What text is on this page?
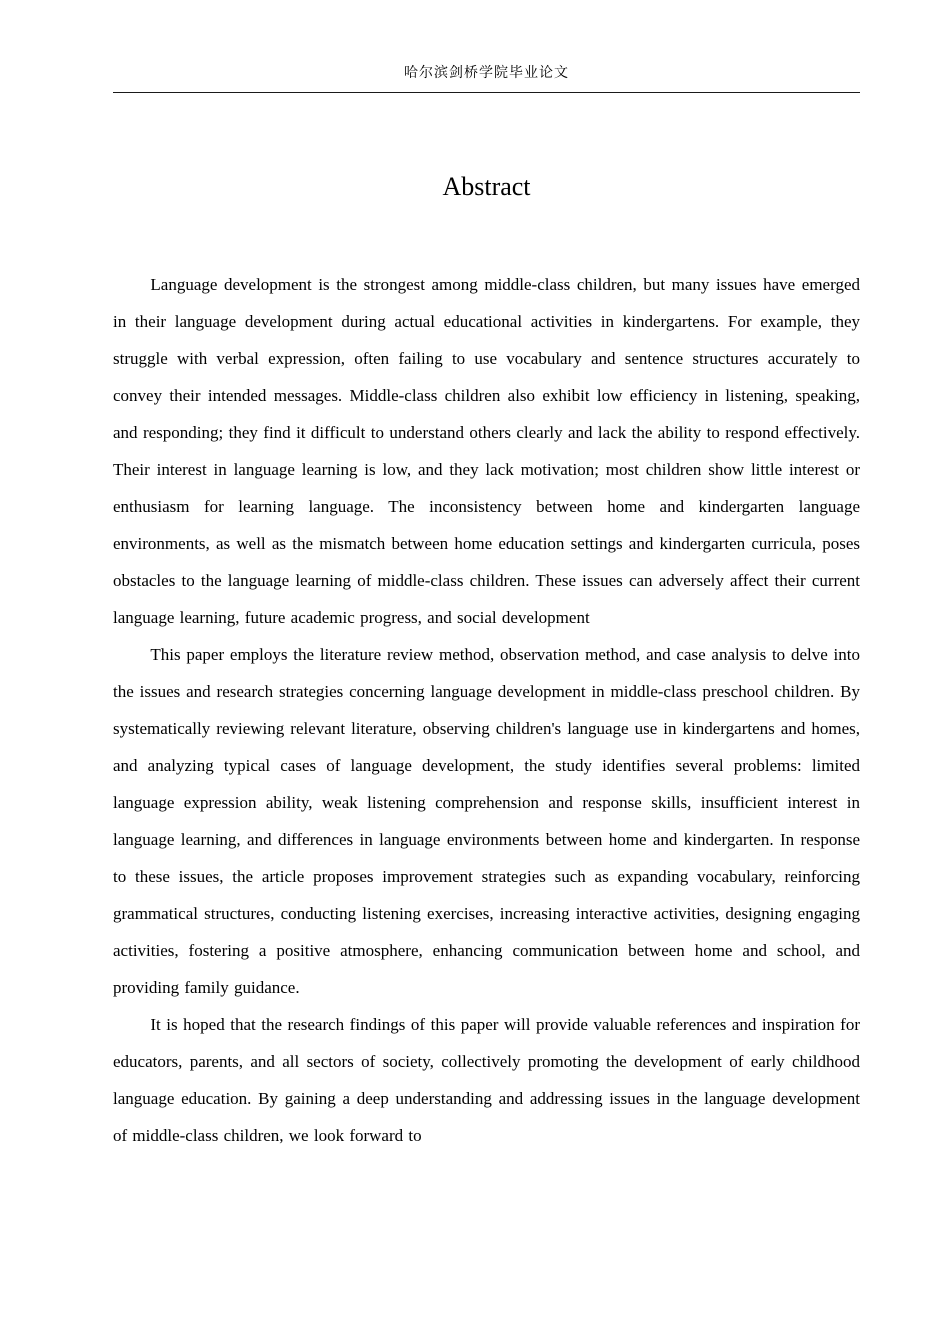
哈尔滨剑桥学院毕业论文
Abstract

Language development is the strongest among middle-class children, but many issues have emerged in their language development during actual educational activities in kindergartens. For example, they struggle with verbal expression, often failing to use vocabulary and sentence structures accurately to convey their intended messages. Middle-class children also exhibit low efficiency in listening, speaking, and responding; they find it difficult to understand others clearly and lack the ability to respond effectively. Their interest in language learning is low, and they lack motivation; most children show little interest or enthusiasm for learning language. The inconsistency between home and kindergarten language environments, as well as the mismatch between home education settings and kindergarten curricula, poses obstacles to the language learning of middle-class children. These issues can adversely affect their current language learning, future academic progress, and social development

This paper employs the literature review method, observation method, and case analysis to delve into the issues and research strategies concerning language development in middle-class preschool children. By systematically reviewing relevant literature, observing children's language use in kindergartens and homes, and analyzing typical cases of language development, the study identifies several problems: limited language expression ability, weak listening comprehension and response skills, insufficient interest in language learning, and differences in language environments between home and kindergarten. In response to these issues, the article proposes improvement strategies such as expanding vocabulary, reinforcing grammatical structures, conducting listening exercises, increasing interactive activities, designing engaging activities, fostering a positive atmosphere, enhancing communication between home and school, and providing family guidance.

It is hoped that the research findings of this paper will provide valuable references and inspiration for educators, parents, and all sectors of society, collectively promoting the development of early childhood language education. By gaining a deep understanding and addressing issues in the language development of middle-class children, we look forward to
